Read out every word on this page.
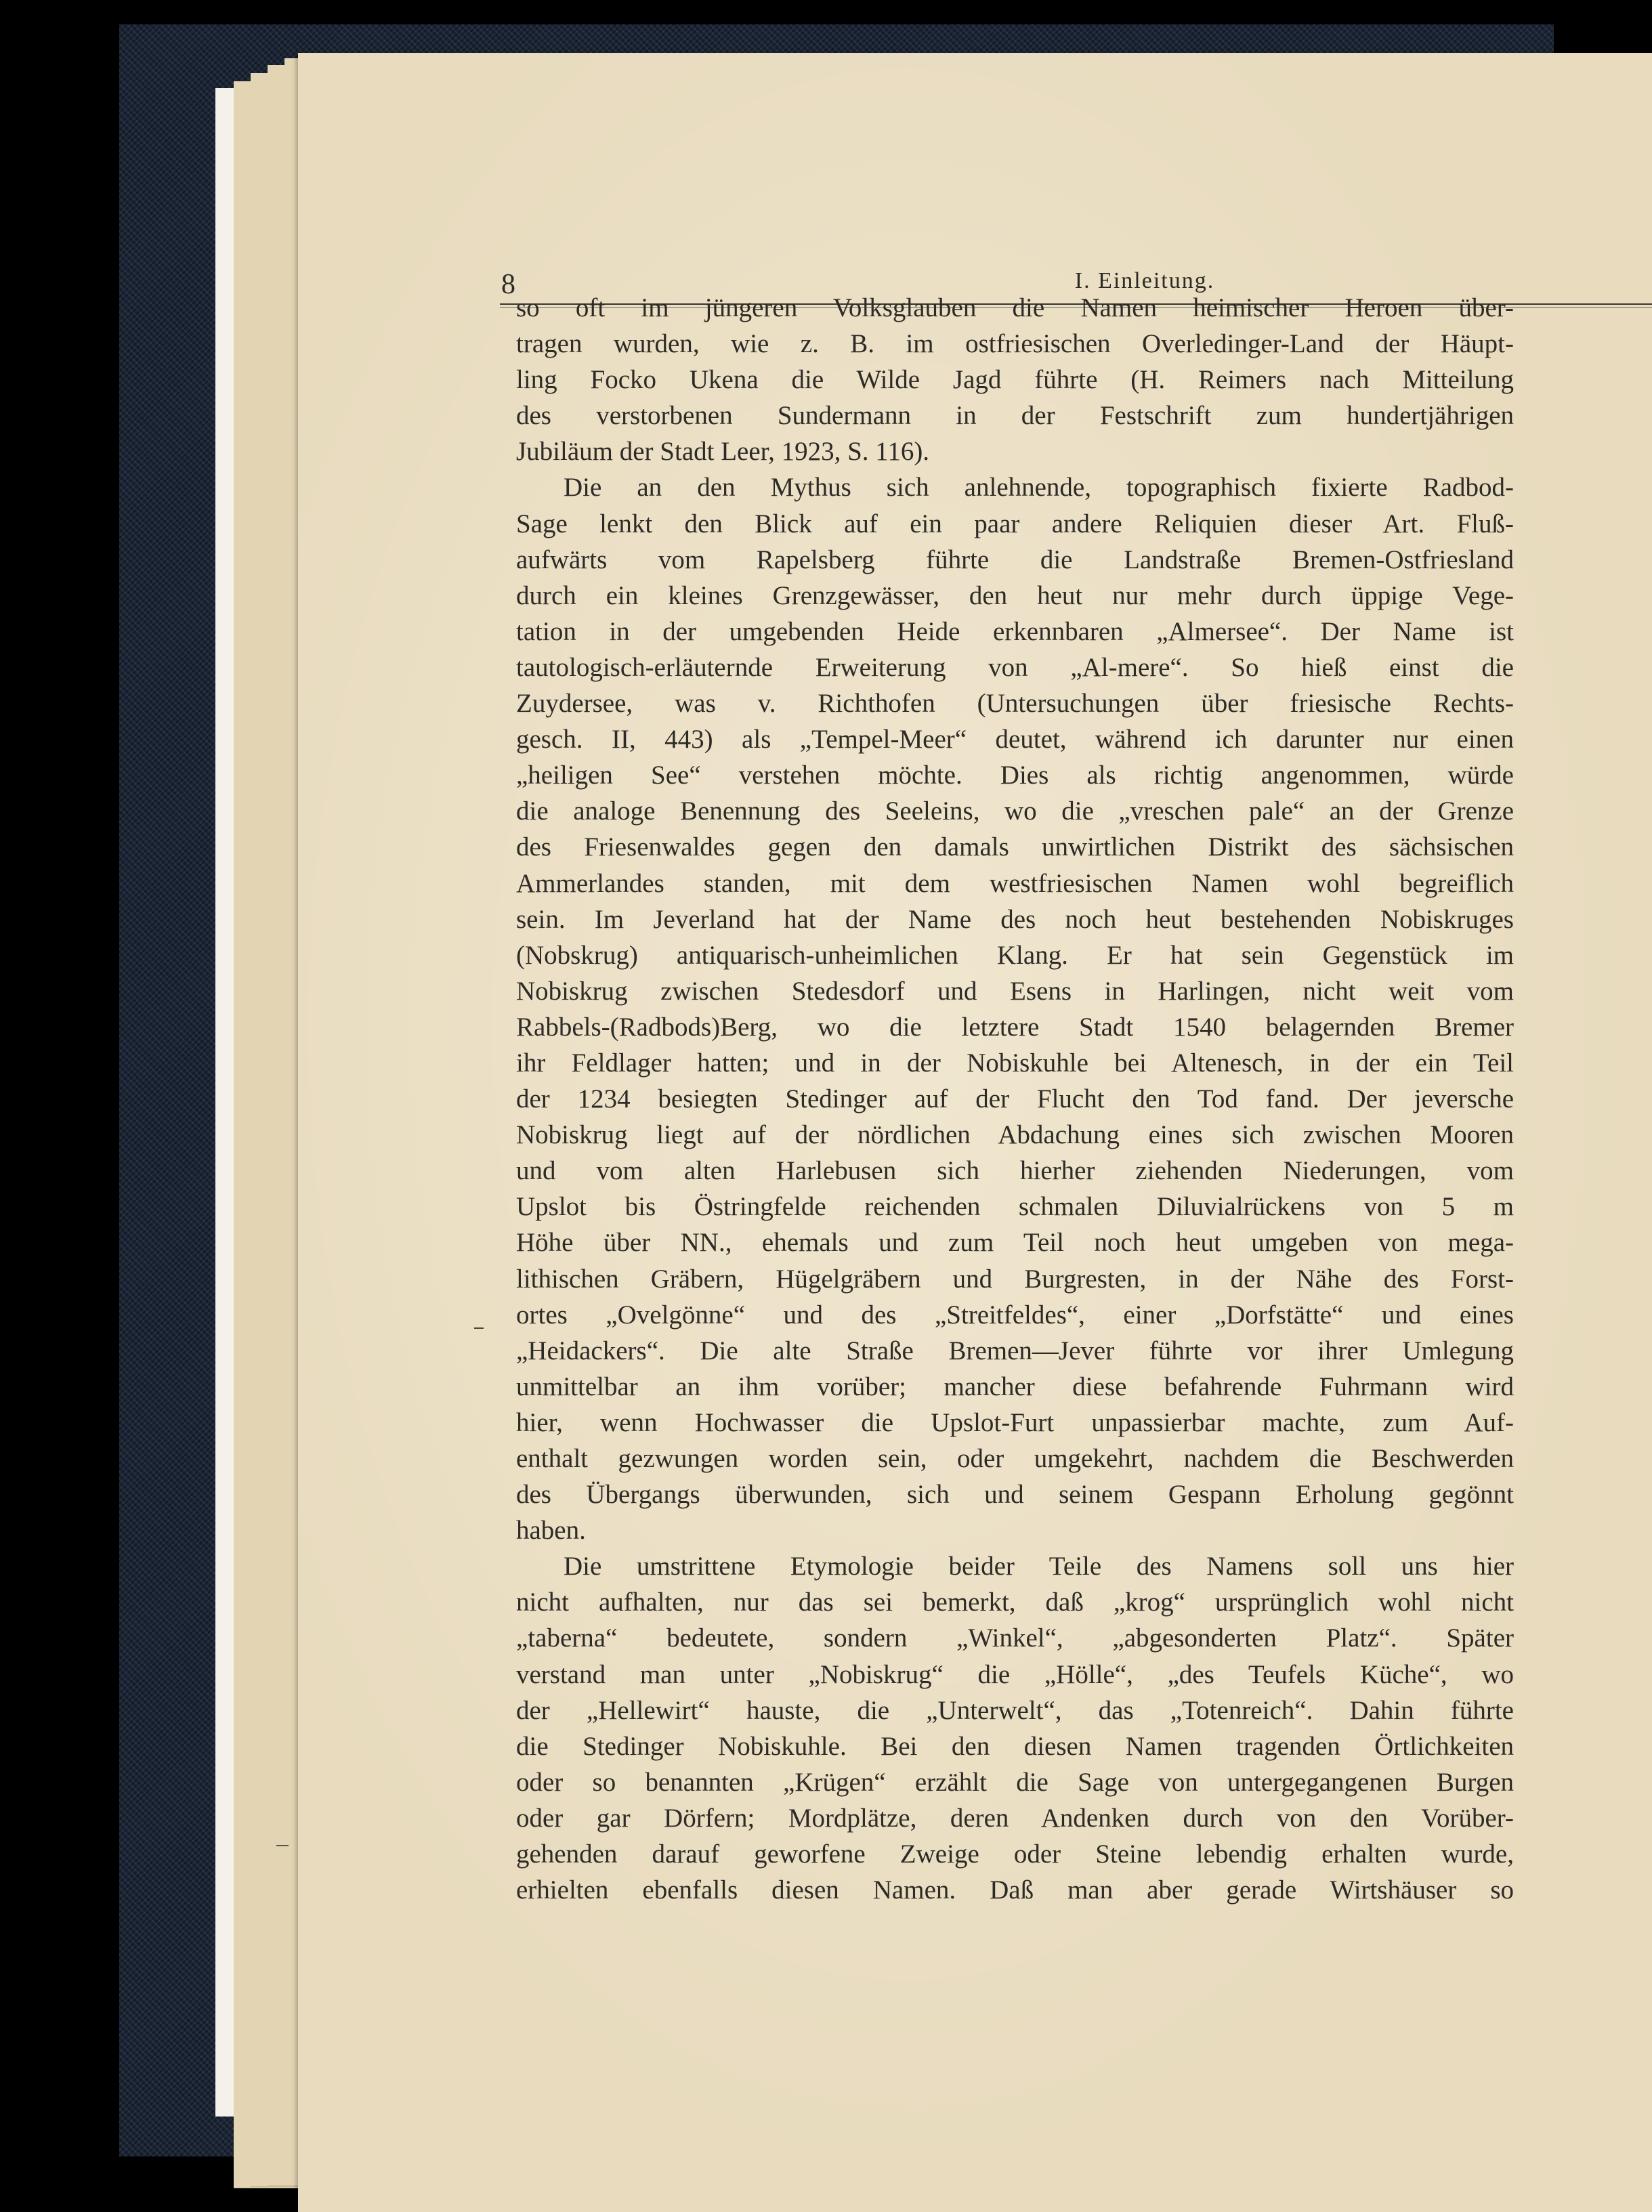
8	I. Einleitung.
so oft im jüngeren Volksglauben die Namen heimischer Heroen über-
tragen wurden, wie z. B. im ostfriesischen Overledinger-Land der Häupt-
ling Focko Ukena die Wilde Jagd führte (H. Reimers nach Mitteilung
des verstorbenen Sundermann in der Festschrift zum hundertjährigen
Jubiläum der Stadt Leer, 1923, S. 116).
Die an den Mythus sich anlehnende, topographisch fixierte Radbod-
Sage lenkt den Blick auf ein paar andere Reliquien dieser Art. Fluß-
aufwärts vom Rapelsberg führte die Landstraße Bremen-Ostfriesland
durch ein kleines Grenzgewässer, den heut nur mehr durch üppige Vege-
tation in der umgebenden Heide erkennbaren „Almersee“. Der Name ist
tautologisch-erläuternde Erweiterung von „Al-mere“. So hieß einst die
Zuydersee, was v. Richthofen (Untersuchungen über friesische Rechts-
gesch. II, 443) als „Tempel-Meer“ deutet, während ich darunter nur einen
„heiligen See“ verstehen möchte. Dies als richtig angenommen, würde
die analoge Benennung des Seeleins, wo die „vreschen pale“ an der Grenze
des Friesenwaldes gegen den damals unwirtlichen Distrikt des sächsischen
Ammerlandes standen, mit dem westfriesischen Namen wohl begreiflich
sein. Im Jeverland hat der Name des noch heut bestehenden Nobiskruges
(Nobskrug) antiquarisch-unheimlichen Klang. Er hat sein Gegenstück im
Nobiskrug zwischen Stedesdorf und Esens in Harlingen, nicht weit vom
Rabbels-(Radbods)Berg, wo die letztere Stadt 1540 belagernden Bremer
ihr Feldlager hatten; und in der Nobiskuhle bei Altenesch, in der ein Teil
der 1234 besiegten Stedinger auf der Flucht den Tod fand. Der jeversche
Nobiskrug liegt auf der nördlichen Abdachung eines sich zwischen Mooren
und vom alten Harlebusen sich hierher ziehenden Niederungen, vom
Upslot bis Östringfelde reichenden schmalen Diluvialrückens von 5 m
Höhe über NN., ehemals und zum Teil noch heut umgeben von mega-
lithischen Gräbern, Hügelgräbern und Burgresten, in der Nähe des Forst-
ortes „Ovelgönne“ und des „Streitfeldes“, einer „Dorfstätte“ und eines
„Heidackers“. Die alte Straße Bremen—Jever führte vor ihrer Umlegung
unmittelbar an ihm vorüber; mancher diese befahrende Fuhrmann wird
hier, wenn Hochwasser die Upslot-Furt unpassierbar machte, zum Auf-
enthalt gezwungen worden sein, oder umgekehrt, nachdem die Beschwerden
des Übergangs überwunden, sich und seinem Gespann Erholung gegönnt
haben.
Die umstrittene Etymologie beider Teile des Namens soll uns hier
nicht aufhalten, nur das sei bemerkt, daß „krog“ ursprünglich wohl nicht
„taberna“ bedeutete, sondern „Winkel“, „abgesonderten Platz“. Später
verstand man unter „Nobiskrug“ die „Hölle“, „des Teufels Küche“, wo
der „Hellewirt“ hauste, die „Unterwelt“, das „Totenreich“. Dahin führte
die Stedinger Nobiskuhle. Bei den diesen Namen tragenden Örtlichkeiten
oder so benannten „Krügen“ erzählt die Sage von untergegangenen Burgen
oder gar Dörfern; Mordplätze, deren Andenken durch von den Vorüber-
gehenden darauf geworfene Zweige oder Steine lebendig erhalten wurde,
erhielten ebenfalls diesen Namen. Daß man aber gerade Wirtshäuser so
